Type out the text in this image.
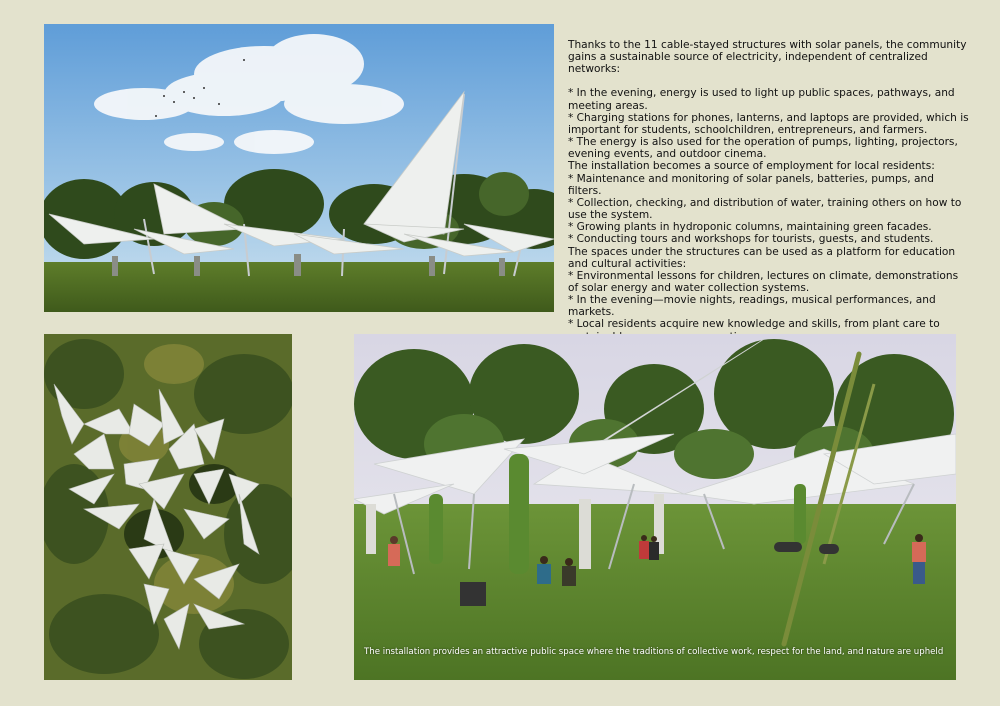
Thanks to the 11 cable-stayed structures with solar panels, the community gains a sustainable source of electricity, independent of centralized networks:

* In the evening, energy is used to light up public spaces, pathways, and meeting areas.

* Charging stations for phones, lanterns, and laptops are provided, which is important for students, schoolchildren, entrepreneurs, and farmers.

* The energy is also used for the operation of pumps, lighting, projectors, evening events, and outdoor cinema.

The installation becomes a source of employment for local residents:

* Maintenance and monitoring of solar panels, batteries, pumps, and filters.

* Collection, checking, and distribution of water, training others on how to use the system.

* Growing plants in hydroponic columns, maintaining green facades.

* Conducting tours and workshops for tourists, guests, and students.

The spaces under the structures can be used as a platform for education and cultural activities:

* Environmental lessons for children, lectures on climate, demonstrations of solar energy and water collection systems.

* In the evening—movie nights, readings, musical performances, and markets.

* Local residents acquire new knowledge and skills, from plant care to

The installation provides an attractive public space where the traditions of collective work, respect for the land, and nature are upheld
